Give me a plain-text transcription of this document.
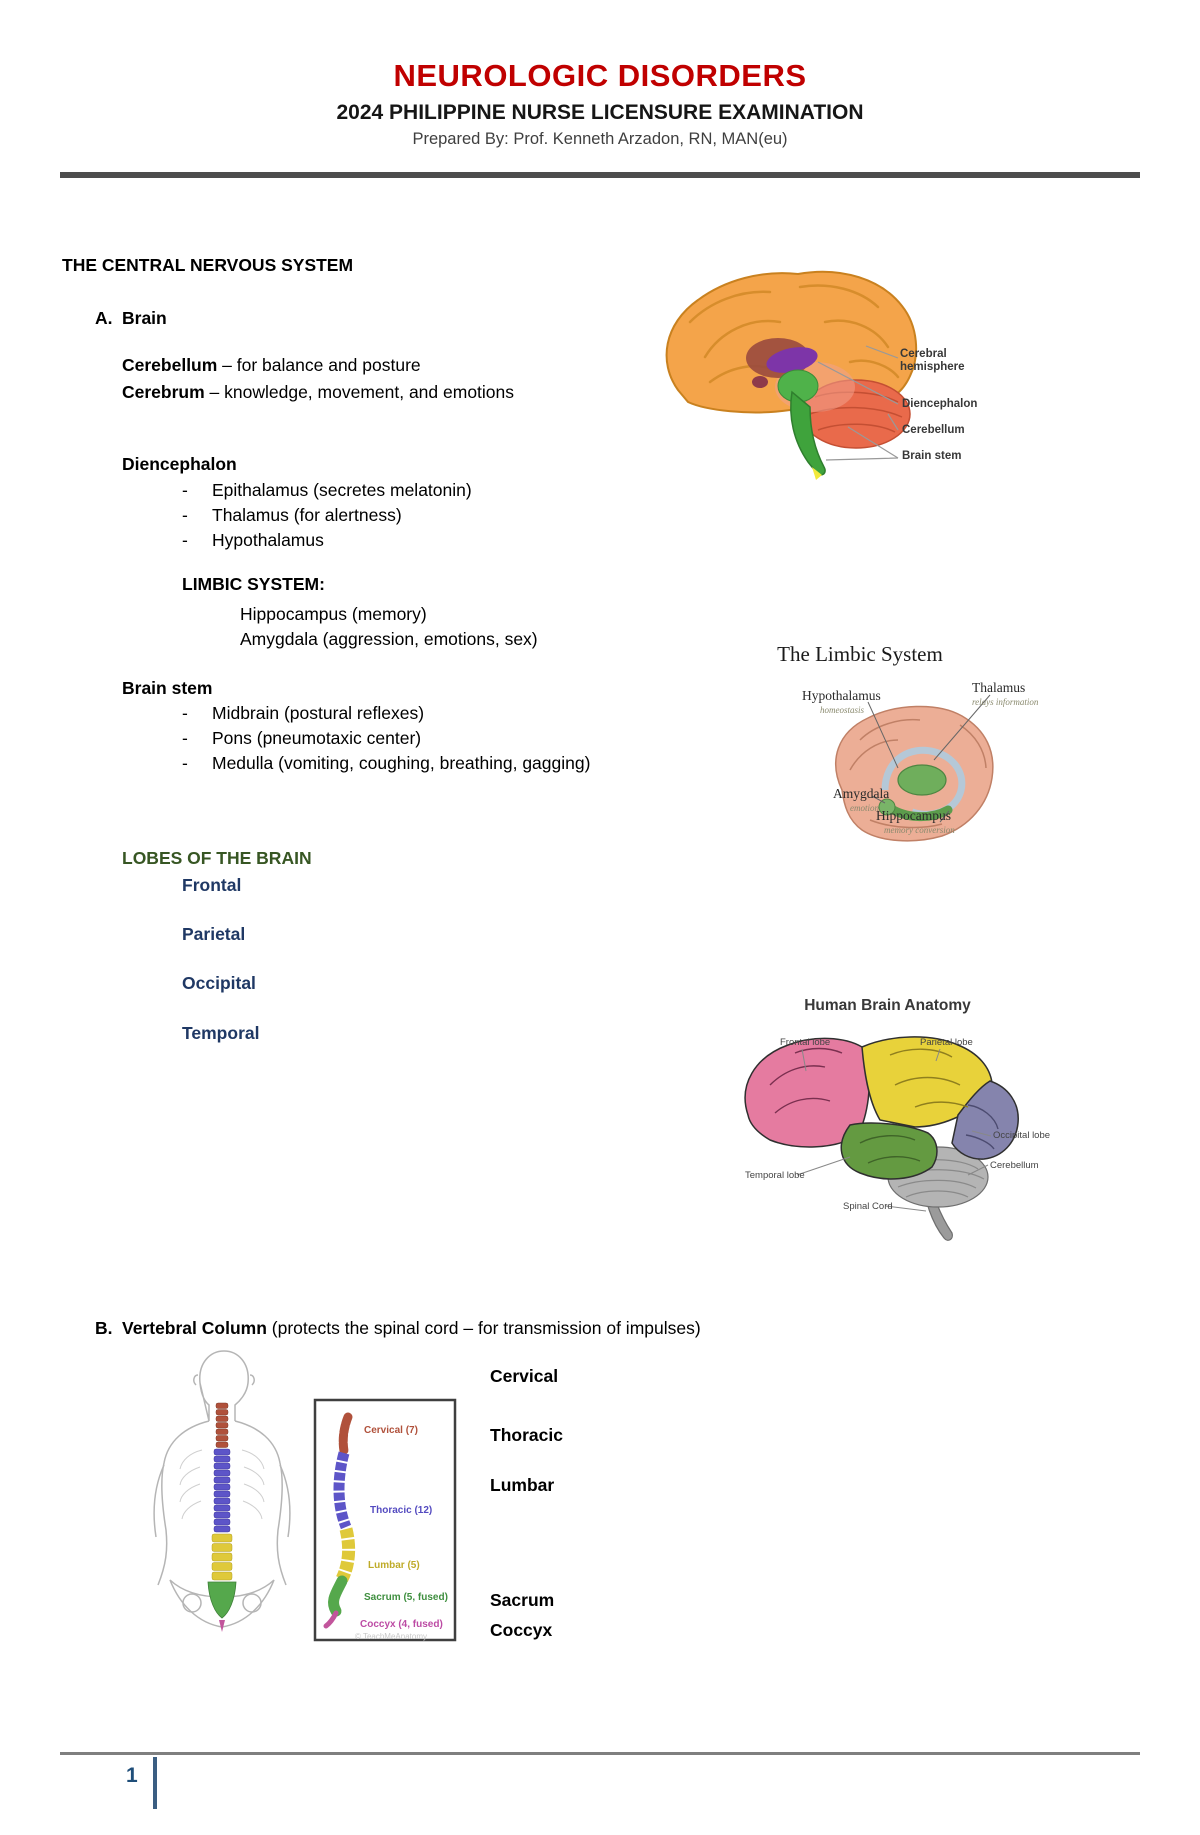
NEUROLOGIC DISORDERS
2024 PHILIPPINE NURSE LICENSURE EXAMINATION
Prepared By: Prof. Kenneth Arzadon, RN, MAN(eu)
THE CENTRAL NERVOUS SYSTEM
A. Brain
Cerebellum – for balance and posture
Cerebrum – knowledge, movement, and emotions
Diencephalon
-	Epithalamus (secretes melatonin)
-	Thalamus (for alertness)
-	Hypothalamus
LIMBIC SYSTEM:
Hippocampus (memory)
Amygdala (aggression, emotions, sex)
Brain stem
-	Midbrain (postural reflexes)
-	Pons (pneumotaxic center)
-	Medulla (vomiting, coughing, breathing, gagging)
LOBES OF THE BRAIN
Frontal
Parietal
Occipital
Temporal
B. Vertebral Column (protects the spinal cord – for transmission of impulses)
Cervical
Thoracic
Lumbar
Sacrum
Coccyx
Cerebral hemisphere
Diencephalon
Cerebellum
Brain stem
The Limbic System
Hypothalamus
homeostasis
Thalamus
relays information
Amygdala
emotion
Hippocampus
memory conversion
Human Brain Anatomy
Frontal lobe	Parietal lobe
Occipital lobe
Cerebellum
Temporal lobe
Spinal Cord
Cervical (7)
Thoracic (12)
Lumbar (5)
Sacrum (5, fused)
Coccyx (4, fused)
© TeachMeAnatomy
1
